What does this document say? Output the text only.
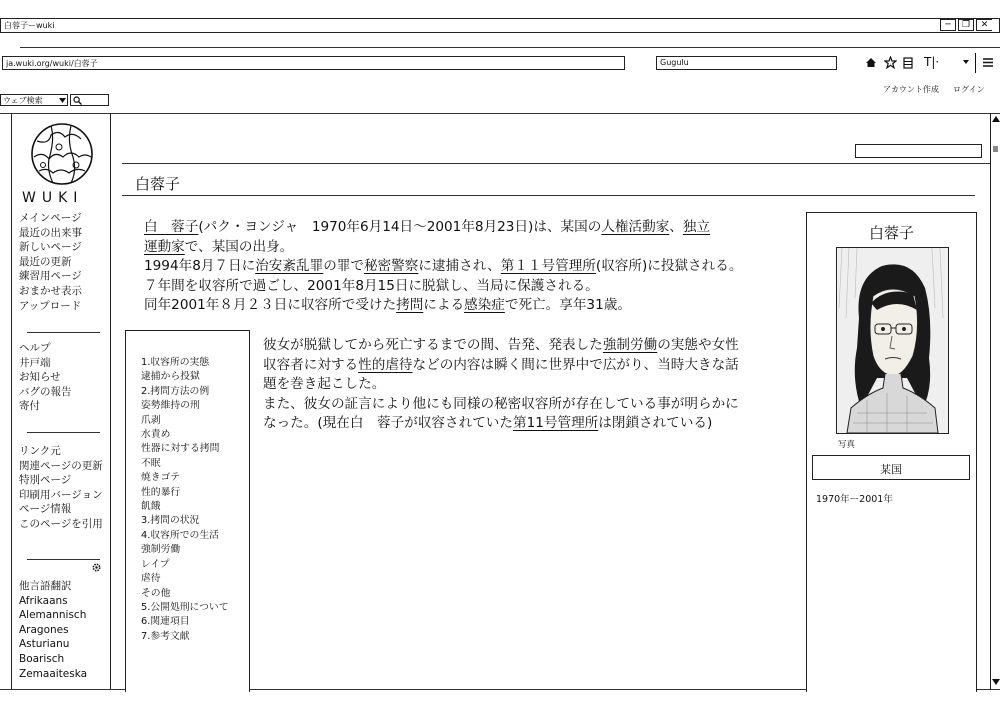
白蓉子ーwuki	─	❐	✕
ja.wuki.org/wuki/白蓉子	Gugulu	T|·
ウェブ検索
アカウント作成 ログイン
WUKI
メインページ
最近の出来事
新しいページ
最近の更新
練習用ページ
おまかせ表示
アップロード
ヘルプ
井戸端
お知らせ
バグの報告
寄付
リンク元
関連ページの更新
特別ページ
印刷用バージョン
ページ情報
このページを引用
他言語翻訳
Afrikaans
Alemannisch
Aragones
Asturianu
Boarisch
Zemaaiteska
白蓉子
白　蓉子(パク・ヨンジャ　1970年6月14日〜2001年8月23日)は、某国の人権活動家、独立
運動家で、某国の出身。
1994年8月７日に治安紊乱罪の罪で秘密警察に逮捕され、第１１号管理所(収容所)に投獄される。
７年間を収容所で過ごし、2001年8月15日に脱獄し、当局に保護される。
同年2001年８月２３日に収容所で受けた拷問による感染症で死亡。享年31歳。
1.収容所の実態
逮捕から投獄
2.拷問方法の例
姿勢維持の刑
爪剥
水責め
性器に対する拷問
不眠
焼きゴテ
性的暴行
飢餓
3.拷問の状況
4.収容所での生活
強制労働
レイプ
虐待
その他
5.公開処刑について
6.関連項目
7.参考文献
彼女が脱獄してから死亡するまでの間、告発、発表した強制労働の実態や女性
収容者に対する性的虐待などの内容は瞬く間に世界中で広がり、当時大きな話
題を巻き起こした。
また、彼女の証言により他にも同様の秘密収容所が存在している事が明らかに
なった。(現在白　蓉子が収容されていた第11号管理所は閉鎖されている)
白蓉子
写真
某国
1970年ー2001年
